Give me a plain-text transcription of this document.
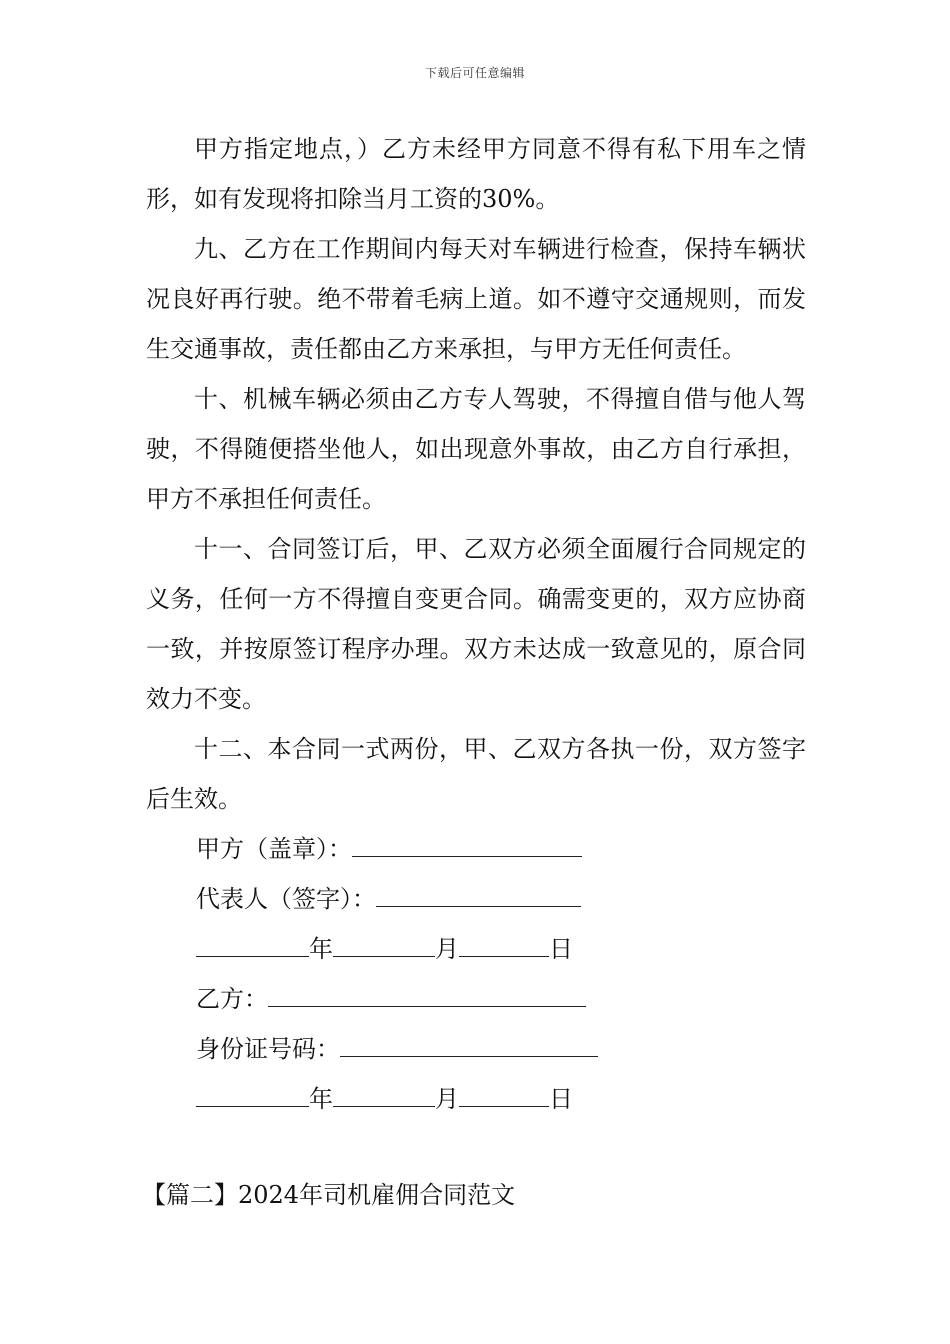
下载后可任意编辑

甲方指定地点，）乙方未经甲方同意不得有私下用车之情形，如有发现将扣除当月工资的30%。

九、乙方在工作期间内每天对车辆进行检查，保持车辆状况良好再行驶。绝不带着毛病上道。如不遵守交通规则，而发生交通事故，责任都由乙方来承担，与甲方无任何责任。

十、机械车辆必须由乙方专人驾驶，不得擅自借与他人驾驶，不得随便搭坐他人，如出现意外事故，由乙方自行承担，甲方不承担任何责任。

十一、合同签订后，甲、乙双方必须全面履行合同规定的义务，任何一方不得擅自变更合同。确需变更的，双方应协商一致，并按原签订程序办理。双方未达成一致意见的，原合同效力不变。

十二、本合同一式两份，甲、乙双方各执一份，双方签字后生效。

甲方（盖章）：

代表人（签字）：

年	月	日

乙方：

身份证号码：

年	月	日

【篇二】2024年司机雇佣合同范文
